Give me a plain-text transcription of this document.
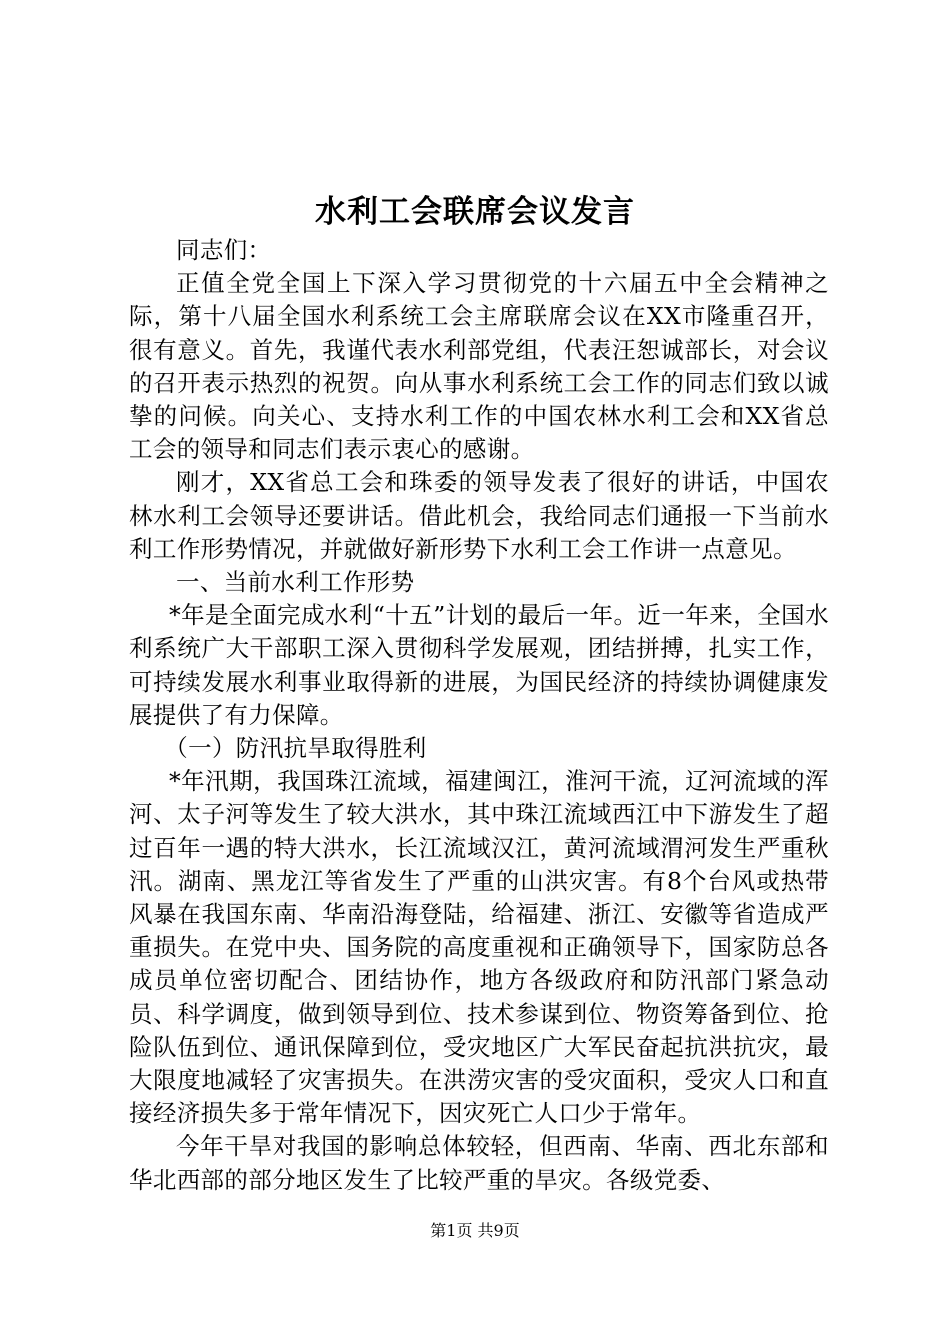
水利工会联席会议发言

同志们：

正值全党全国上下深入学习贯彻党的十六届五中全会精神之际，第十八届全国水利系统工会主席联席会议在XX市隆重召开，很有意义。首先，我谨代表水利部党组，代表汪恕诚部长，对会议的召开表示热烈的祝贺。向从事水利系统工会工作的同志们致以诚挚的问候。向关心、支持水利工作的中国农林水利工会和XX省总工会的领导和同志们表示衷心的感谢。

刚才，XX省总工会和珠委的领导发表了很好的讲话，中国农林水利工会领导还要讲话。借此机会，我给同志们通报一下当前水利工作形势情况，并就做好新形势下水利工会工作讲一点意见。

一、当前水利工作形势

*年是全面完成水利“十五”计划的最后一年。近一年来，全国水利系统广大干部职工深入贯彻科学发展观，团结拼搏，扎实工作，可持续发展水利事业取得新的进展，为国民经济的持续协调健康发展提供了有力保障。

（一）防汛抗旱取得胜利

*年汛期，我国珠江流域，福建闽江，淮河干流，辽河流域的浑河、太子河等发生了较大洪水，其中珠江流域西江中下游发生了超过百年一遇的特大洪水，长江流域汉江，黄河流域渭河发生严重秋汛。湖南、黑龙江等省发生了严重的山洪灾害。有8个台风或热带风暴在我国东南、华南沿海登陆，给福建、浙江、安徽等省造成严重损失。在党中央、国务院的高度重视和正确领导下，国家防总各成员单位密切配合、团结协作，地方各级政府和防汛部门紧急动员、科学调度，做到领导到位、技术参谋到位、物资筹备到位、抢险队伍到位、通讯保障到位，受灾地区广大军民奋起抗洪抗灾，最大限度地减轻了灾害损失。在洪涝灾害的受灾面积，受灾人口和直接经济损失多于常年情况下，因灾死亡人口少于常年。

今年干旱对我国的影响总体较轻，但西南、华南、西北东部和华北西部的部分地区发生了比较严重的旱灾。各级党委、

第1页 共9页
